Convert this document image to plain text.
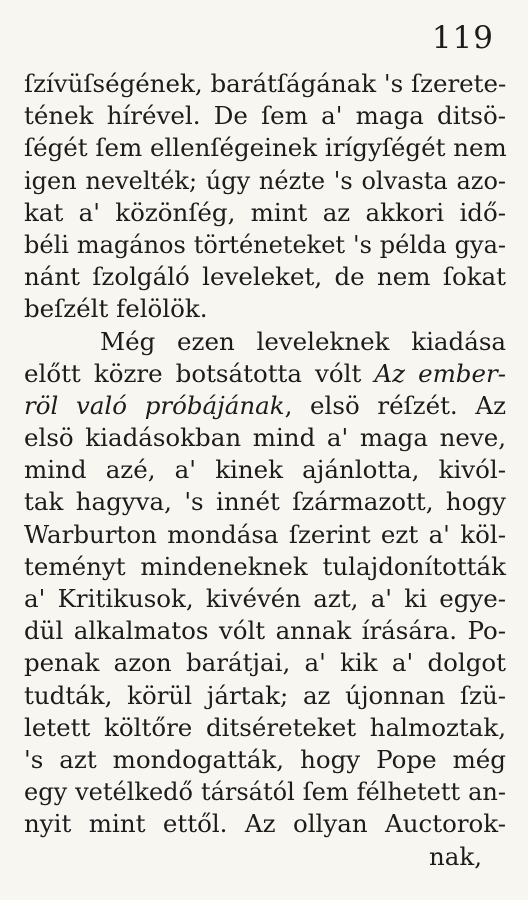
119
ſzívüſségének, barátſágának 's ſzerete-
tének hírével. De ſem a' maga ditsö-
ſégét ſem ellenſégeinek irígyſégét nem
igen nevelték; úgy nézte 's olvasta azo-
kat a' közönſég, mint az akkori idő-
béli magános történeteket 's példa gya-
nánt ſzolgáló leveleket, de nem ſokat
beſzélt felölök.
Még ezen leveleknek kiadása
előtt közre botsátotta vólt Az ember-
röl való próbájának, elsö réſzét. Az
elsö kiadásokban mind a' maga neve,
mind azé, a' kinek ajánlotta, kivól-
tak hagyva, 's innét ſzármazott, hogy
Warburton mondása ſzerint ezt a' köl-
teményt mindeneknek tulajdonították
a' Kritikusok, kivévén azt, a' ki egye-
dül alkalmatos vólt annak írására. Po-
penak azon barátjai, a' kik a' dolgot
tudták, körül jártak; az újonnan ſzü-
letett költőre ditséreteket halmoztak,
's azt mondogatták, hogy Pope még
egy vetélkedő társától ſem félhetett an-
nyit mint ettől. Az ollyan Auctorok-
nak,
